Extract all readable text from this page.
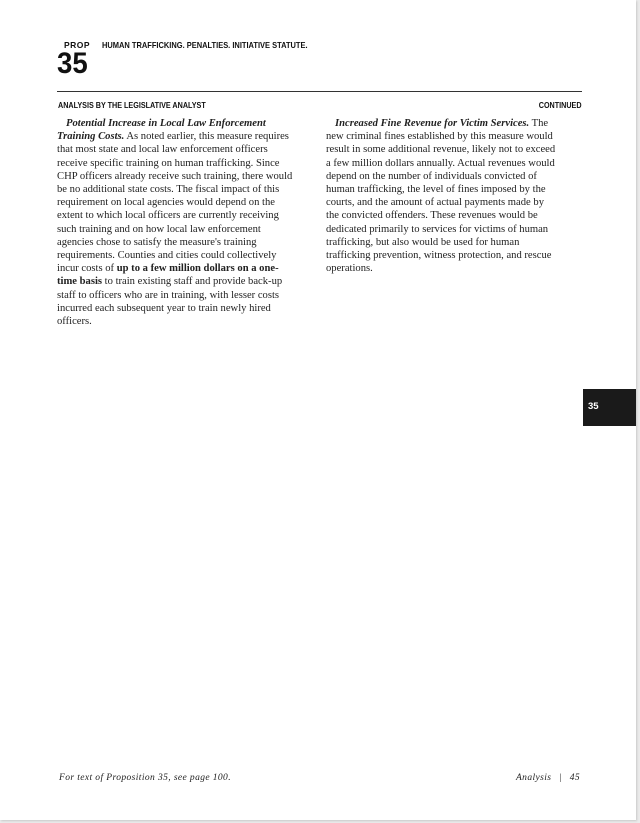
PROP
35
HUMAN TRAFFICKING. PENALTIES. INITIATIVE STATUTE.
ANALYSIS BY THE LEGISLATIVE ANALYST	CONTINUED
Potential Increase in Local Law Enforcement
Training Costs. As noted earlier, this measure requires
that most state and local law enforcement officers
receive specific training on human trafficking. Since
CHP officers already receive such training, there would
be no additional state costs. The fiscal impact of this
requirement on local agencies would depend on the
extent to which local officers are currently receiving
such training and on how local law enforcement
agencies chose to satisfy the measure's training
requirements. Counties and cities could collectively
incur costs of up to a few million dollars on a one-
time basis to train existing staff and provide back-up
staff to officers who are in training, with lesser costs
incurred each subsequent year to train newly hired
officers.
Increased Fine Revenue for Victim Services. The
new criminal fines established by this measure would
result in some additional revenue, likely not to exceed
a few million dollars annually. Actual revenues would
depend on the number of individuals convicted of
human trafficking, the level of fines imposed by the
courts, and the amount of actual payments made by
the convicted offenders. These revenues would be
dedicated primarily to services for victims of human
trafficking, but also would be used for human
trafficking prevention, witness protection, and rescue
operations.
35
For text of Proposition 35, see page 100.	Analysis | 45
